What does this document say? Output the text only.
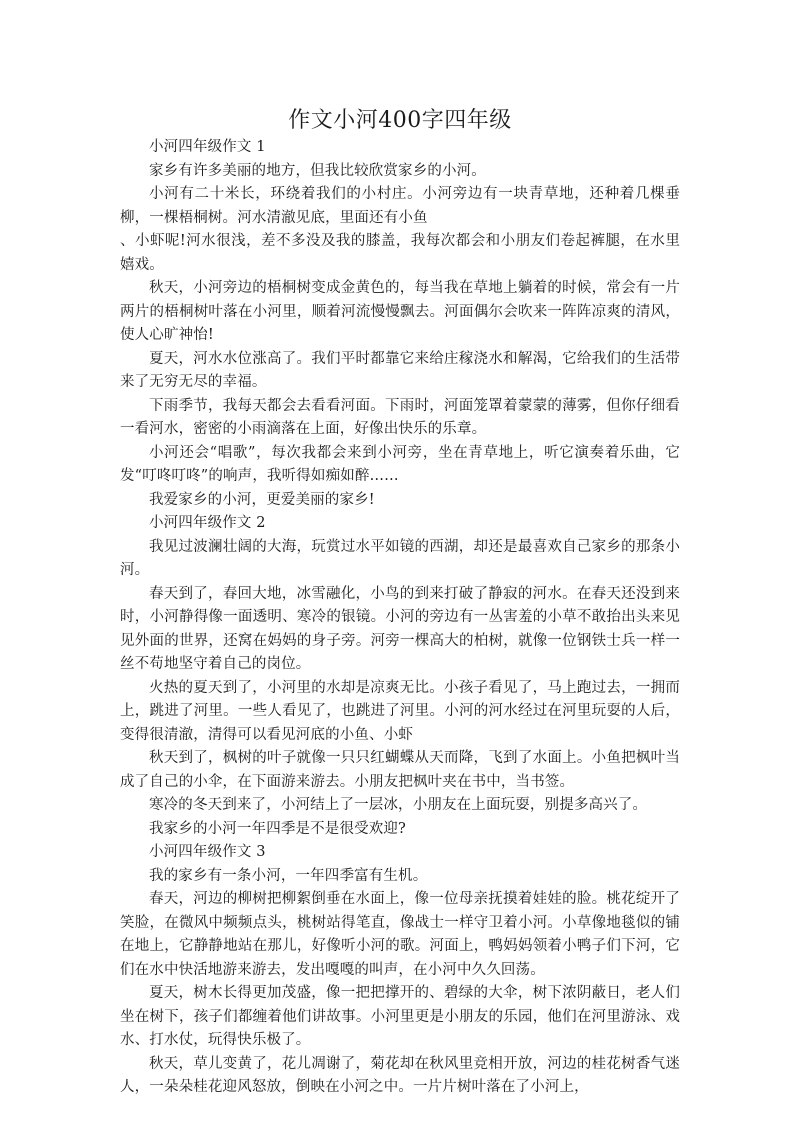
作文小河400字四年级

小河四年级作文 1

家乡有许多美丽的地方，但我比较欣赏家乡的小河。

小河有二十米长，环绕着我们的小村庄。小河旁边有一块青草地，还种着几棵垂柳，一棵梧桐树。河水清澈见底，里面还有小鱼

、小虾呢!河水很浅，差不多没及我的膝盖，我每次都会和小朋友们卷起裤腿，在水里嬉戏。

秋天，小河旁边的梧桐树变成金黄色的，每当我在草地上躺着的时候，常会有一片两片的梧桐树叶落在小河里，顺着河流慢慢飘去。河面偶尔会吹来一阵阵凉爽的清风，使人心旷神怡!

夏天，河水水位涨高了。我们平时都靠它来给庄稼浇水和解渴，它给我们的生活带来了无穷无尽的幸福。

下雨季节，我每天都会去看看河面。下雨时，河面笼罩着蒙蒙的薄雾，但你仔细看一看河水，密密的小雨滴落在上面，好像出快乐的乐章。

小河还会“唱歌”，每次我都会来到小河旁，坐在青草地上，听它演奏着乐曲，它发“叮咚叮咚”的响声，我听得如痴如醉……

我爱家乡的小河，更爱美丽的家乡!

小河四年级作文 2

我见过波澜壮阔的大海，玩赏过水平如镜的西湖，却还是最喜欢自己家乡的那条小河。

春天到了，春回大地，冰雪融化，小鸟的到来打破了静寂的河水。在春天还没到来时，小河静得像一面透明、寒冷的银镜。小河的旁边有一丛害羞的小草不敢抬出头来见见外面的世界，还窝在妈妈的身子旁。河旁一棵高大的柏树，就像一位钢铁士兵一样一丝不苟地坚守着自己的岗位。

火热的夏天到了，小河里的水却是凉爽无比。小孩子看见了，马上跑过去，一拥而上，跳进了河里。一些人看见了，也跳进了河里。小河的河水经过在河里玩耍的人后，变得很清澈，清得可以看见河底的小鱼、小虾

秋天到了，枫树的叶子就像一只只红蝴蝶从天而降，飞到了水面上。小鱼把枫叶当成了自己的小伞，在下面游来游去。小朋友把枫叶夹在书中，当书签。

寒冷的冬天到来了，小河结上了一层冰，小朋友在上面玩耍，别提多高兴了。

我家乡的小河一年四季是不是很受欢迎?

小河四年级作文 3

我的家乡有一条小河，一年四季富有生机。

春天，河边的柳树把柳絮倒垂在水面上，像一位母亲抚摸着娃娃的脸。桃花绽开了笑脸，在微风中频频点头，桃树站得笔直，像战士一样守卫着小河。小草像地毯似的铺在地上，它静静地站在那儿，好像听小河的歌。河面上，鸭妈妈领着小鸭子们下河，它们在水中快活地游来游去，发出嘎嘎的叫声，在小河中久久回荡。

夏天，树木长得更加茂盛，像一把把撑开的、碧绿的大伞，树下浓阴蔽日，老人们坐在树下，孩子们都缠着他们讲故事。小河里更是小朋友的乐园，他们在河里游泳、戏水、打水仗，玩得快乐极了。

秋天，草儿变黄了，花儿凋谢了，菊花却在秋风里竞相开放，河边的桂花树香气迷人，一朵朵桂花迎风怒放，倒映在小河之中。一片片树叶落在了小河上，
